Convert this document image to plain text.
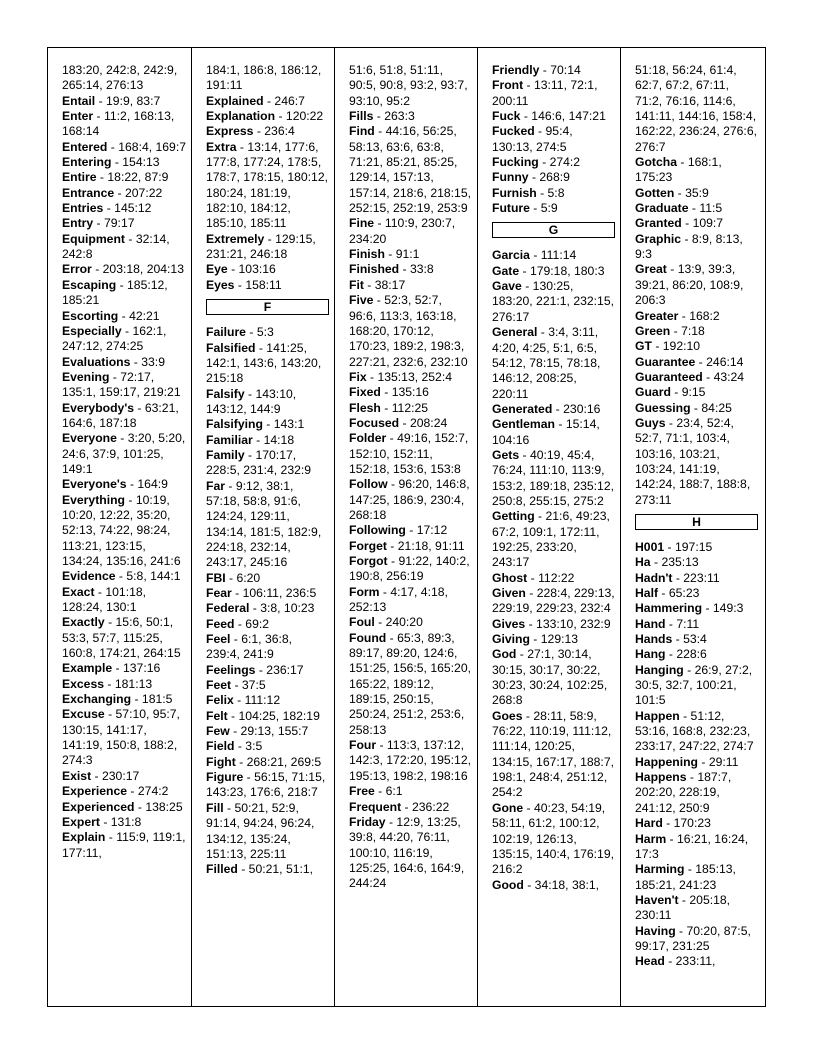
183:20, 242:8, 242:9, 265:14, 276:13
Entail - 19:9, 83:7
Enter - 11:2, 168:13, 168:14
Entered - 168:4, 169:7
Entering - 154:13
Entire - 18:22, 87:9
Entrance - 207:22
Entries - 145:12
Entry - 79:17
Equipment - 32:14, 242:8
Error - 203:18, 204:13
Escaping - 185:12, 185:21
Escorting - 42:21
Especially - 162:1, 247:12, 274:25
Evaluations - 33:9
Evening - 72:17, 135:1, 159:17, 219:21
Everybody's - 63:21, 164:6, 187:18
Everyone - 3:20, 5:20, 24:6, 37:9, 101:25, 149:1
Everyone's - 164:9
Everything - 10:19, 10:20, 12:22, 35:20, 52:13, 74:22, 98:24, 113:21, 123:15, 134:24, 135:16, 241:6
Evidence - 5:8, 144:1
Exact - 101:18, 128:24, 130:1
Exactly - 15:6, 50:1, 53:3, 57:7, 115:25, 160:8, 174:21, 264:15
Example - 137:16
Excess - 181:13
Exchanging - 181:5
Excuse - 57:10, 95:7, 130:15, 141:17, 141:19, 150:8, 188:2, 274:3
Exist - 230:17
Experience - 274:2
Experienced - 138:25
Expert - 131:8
Explain - 115:9, 119:1, 177:11,
184:1, 186:8, 186:12, 191:11
Explained - 246:7
Explanation - 120:22
Express - 236:4
Extra - 13:14, 177:6, 177:8, 177:24, 178:5, 178:7, 178:15, 180:12, 180:24, 181:19, 182:10, 184:12, 185:10, 185:11
Extremely - 129:15, 231:21, 246:18
Eye - 103:16
Eyes - 158:11
F
Failure - 5:3
Falsified - 141:25, 142:1, 143:6, 143:20, 215:18
Falsify - 143:10, 143:12, 144:9
Falsifying - 143:1
Familiar - 14:18
Family - 170:17, 228:5, 231:4, 232:9
Far - 9:12, 38:1, 57:18, 58:8, 91:6, 124:24, 129:11, 134:14, 181:5, 182:9, 224:18, 232:14, 243:17, 245:16
FBI - 6:20
Fear - 106:11, 236:5
Federal - 3:8, 10:23
Feed - 69:2
Feel - 6:1, 36:8, 239:4, 241:9
Feelings - 236:17
Feet - 37:5
Felix - 111:12
Felt - 104:25, 182:19
Few - 29:13, 155:7
Field - 3:5
Fight - 268:21, 269:5
Figure - 56:15, 71:15, 143:23, 176:6, 218:7
Fill - 50:21, 52:9, 91:14, 94:24, 96:24, 134:12, 135:24, 151:13, 225:11
Filled - 50:21, 51:1,
51:6, 51:8, 51:11, 90:5, 90:8, 93:2, 93:7, 93:10, 95:2
Fills - 263:3
Find - 44:16, 56:25, 58:13, 63:6, 63:8, 71:21, 85:21, 85:25, 129:14, 157:13, 157:14, 218:6, 218:15, 252:15, 252:19, 253:9
Fine - 110:9, 230:7, 234:20
Finish - 91:1
Finished - 33:8
Fit - 38:17
Five - 52:3, 52:7, 96:6, 113:3, 163:18, 168:20, 170:12, 170:23, 189:2, 198:3, 227:21, 232:6, 232:10
Fix - 135:13, 252:4
Fixed - 135:16
Flesh - 112:25
Focused - 208:24
Folder - 49:16, 152:7, 152:10, 152:11, 152:18, 153:6, 153:8
Follow - 96:20, 146:8, 147:25, 186:9, 230:4, 268:18
Following - 17:12
Forget - 21:18, 91:11
Forgot - 91:22, 140:2, 190:8, 256:19
Form - 4:17, 4:18, 252:13
Foul - 240:20
Found - 65:3, 89:3, 89:17, 89:20, 124:6, 151:25, 156:5, 165:20, 165:22, 189:12, 189:15, 250:15, 250:24, 251:2, 253:6, 258:13
Four - 113:3, 137:12, 142:3, 172:20, 195:12, 195:13, 198:2, 198:16
Free - 6:1
Frequent - 236:22
Friday - 12:9, 13:25, 39:8, 44:20, 76:11, 100:10, 116:19, 125:25, 164:6, 164:9, 244:24
Friendly - 70:14
Front - 13:11, 72:1, 200:11
Fuck - 146:6, 147:21
Fucked - 95:4, 130:13, 274:5
Fucking - 274:2
Funny - 268:9
Furnish - 5:8
Future - 5:9
G
Garcia - 111:14
Gate - 179:18, 180:3
Gave - 130:25, 183:20, 221:1, 232:15, 276:17
General - 3:4, 3:11, 4:20, 4:25, 5:1, 6:5, 54:12, 78:15, 78:18, 146:12, 208:25, 220:11
Generated - 230:16
Gentleman - 15:14, 104:16
Gets - 40:19, 45:4, 76:24, 111:10, 113:9, 153:2, 189:18, 235:12, 250:8, 255:15, 275:2
Getting - 21:6, 49:23, 67:2, 109:1, 172:11, 192:25, 233:20, 243:17
Ghost - 112:22
Given - 228:4, 229:13, 229:19, 229:23, 232:4
Gives - 133:10, 232:9
Giving - 129:13
God - 27:1, 30:14, 30:15, 30:17, 30:22, 30:23, 30:24, 102:25, 268:8
Goes - 28:11, 58:9, 76:22, 110:19, 111:12, 111:14, 120:25, 134:15, 167:17, 188:7, 198:1, 248:4, 251:12, 254:2
Gone - 40:23, 54:19, 58:11, 61:2, 100:12, 102:19, 126:13, 135:15, 140:4, 176:19, 216:2
Good - 34:18, 38:1,
51:18, 56:24, 61:4, 62:7, 67:2, 67:11, 71:2, 76:16, 114:6, 141:11, 144:16, 158:4, 162:22, 236:24, 276:6, 276:7
Gotcha - 168:1, 175:23
Gotten - 35:9
Graduate - 11:5
Granted - 109:7
Graphic - 8:9, 8:13, 9:3
Great - 13:9, 39:3, 39:21, 86:20, 108:9, 206:3
Greater - 168:2
Green - 7:18
GT - 192:10
Guarantee - 246:14
Guaranteed - 43:24
Guard - 9:15
Guessing - 84:25
Guys - 23:4, 52:4, 52:7, 71:1, 103:4, 103:16, 103:21, 103:24, 141:19, 142:24, 188:7, 188:8, 273:11
H
H001 - 197:15
Ha - 235:13
Hadn't - 223:11
Half - 65:23
Hammering - 149:3
Hand - 7:11
Hands - 53:4
Hang - 228:6
Hanging - 26:9, 27:2, 30:5, 32:7, 100:21, 101:5
Happen - 51:12, 53:16, 168:8, 232:23, 233:17, 247:22, 274:7
Happening - 29:11
Happens - 187:7, 202:20, 228:19, 241:12, 250:9
Hard - 170:23
Harm - 16:21, 16:24, 17:3
Harming - 185:13, 185:21, 241:23
Haven't - 205:18, 230:11
Having - 70:20, 87:5, 99:17, 231:25
Head - 233:11,
